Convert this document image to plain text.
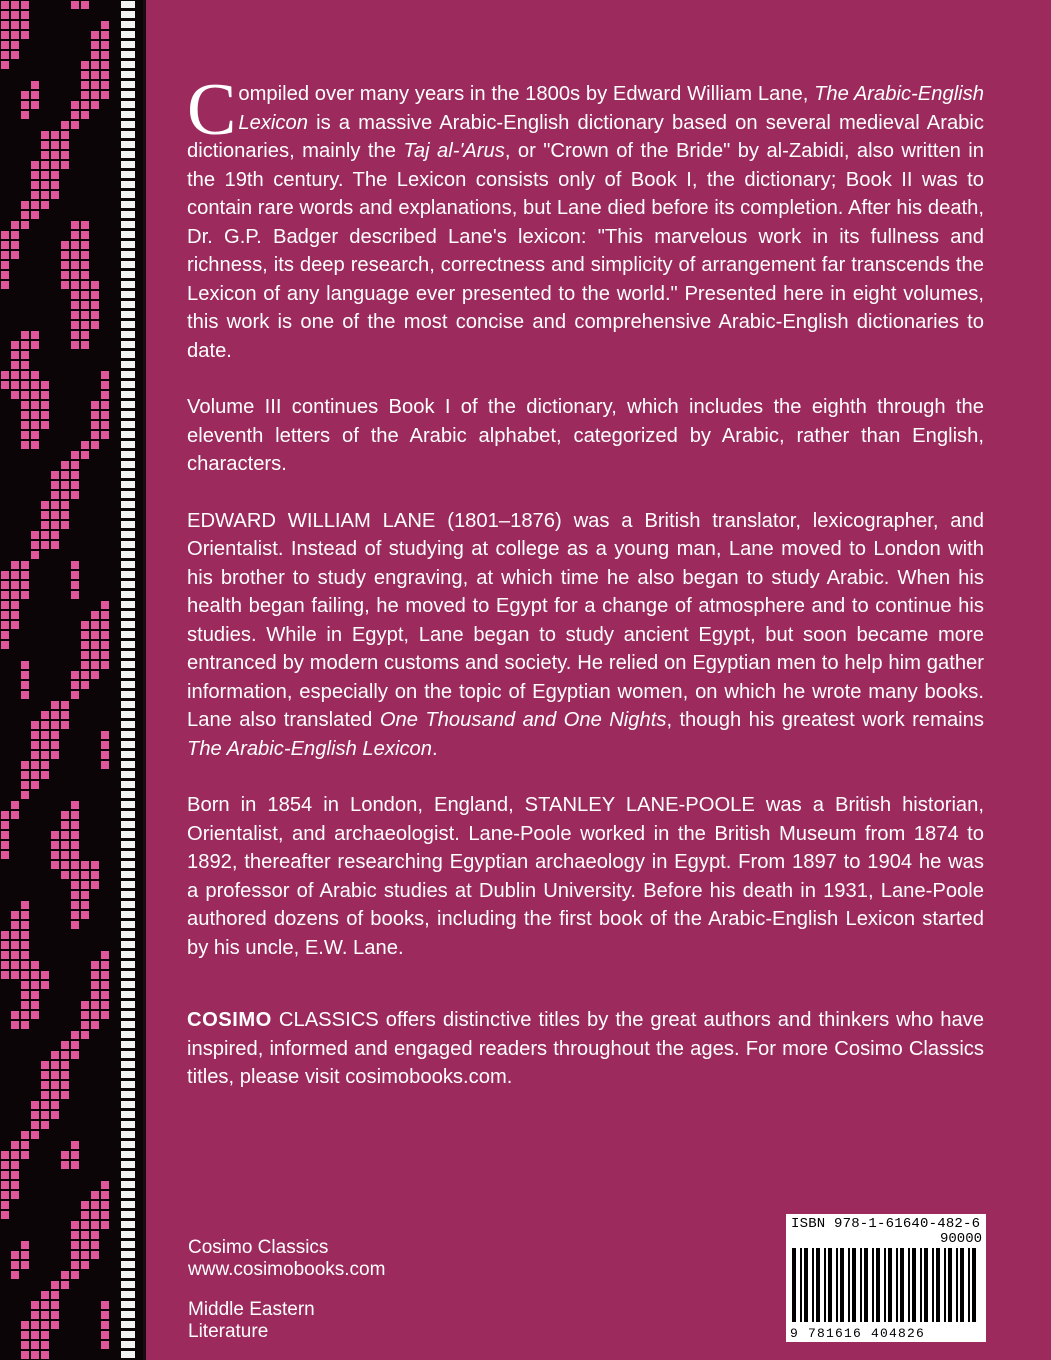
Compiled over many years in the 1800s by Edward William Lane, The Arabic-English Lexicon is a massive Arabic-English dictionary based on several medieval Arabic dictionaries, mainly the Taj al-'Arus, or "Crown of the Bride" by al-Zabidi, also written in the 19th century. The Lexicon consists only of Book I, the dictionary; Book II was to contain rare words and explanations, but Lane died before its completion. After his death, Dr. G.P. Badger described Lane's lexicon: "This marvelous work in its fullness and richness, its deep research, correctness and simplicity of arrangement far transcends the Lexicon of any language ever presented to the world." Presented here in eight volumes, this work is one of the most concise and comprehensive Arabic-English dictionaries to date.

Volume III continues Book I of the dictionary, which includes the eighth through the eleventh letters of the Arabic alphabet, categorized by Arabic, rather than English, characters.

EDWARD WILLIAM LANE (1801–1876) was a British translator, lexicographer, and Orientalist. Instead of studying at college as a young man, Lane moved to London with his brother to study engraving, at which time he also began to study Arabic. When his health began failing, he moved to Egypt for a change of atmosphere and to continue his studies. While in Egypt, Lane began to study ancient Egypt, but soon became more entranced by modern customs and society. He relied on Egyptian men to help him gather information, especially on the topic of Egyptian women, on which he wrote many books. Lane also translated One Thousand and One Nights, though his greatest work remains The Arabic-English Lexicon.

Born in 1854 in London, England, STANLEY LANE-POOLE was a British historian, Orientalist, and archaeologist. Lane-Poole worked in the British Museum from 1874 to 1892, thereafter researching Egyptian archaeology in Egypt. From 1897 to 1904 he was a professor of Arabic studies at Dublin University. Before his death in 1931, Lane-Poole authored dozens of books, including the first book of the Arabic-English Lexicon started by his uncle, E.W. Lane.

COSIMO CLASSICS offers distinctive titles by the great authors and thinkers who have inspired, informed and engaged readers throughout the ages. For more Cosimo Classics titles, please visit cosimobooks.com.

Cosimo Classics
www.cosimobooks.com
Middle Eastern
Literature
ISBN 978-1-61640-482-6
90000
9 781616 404826
